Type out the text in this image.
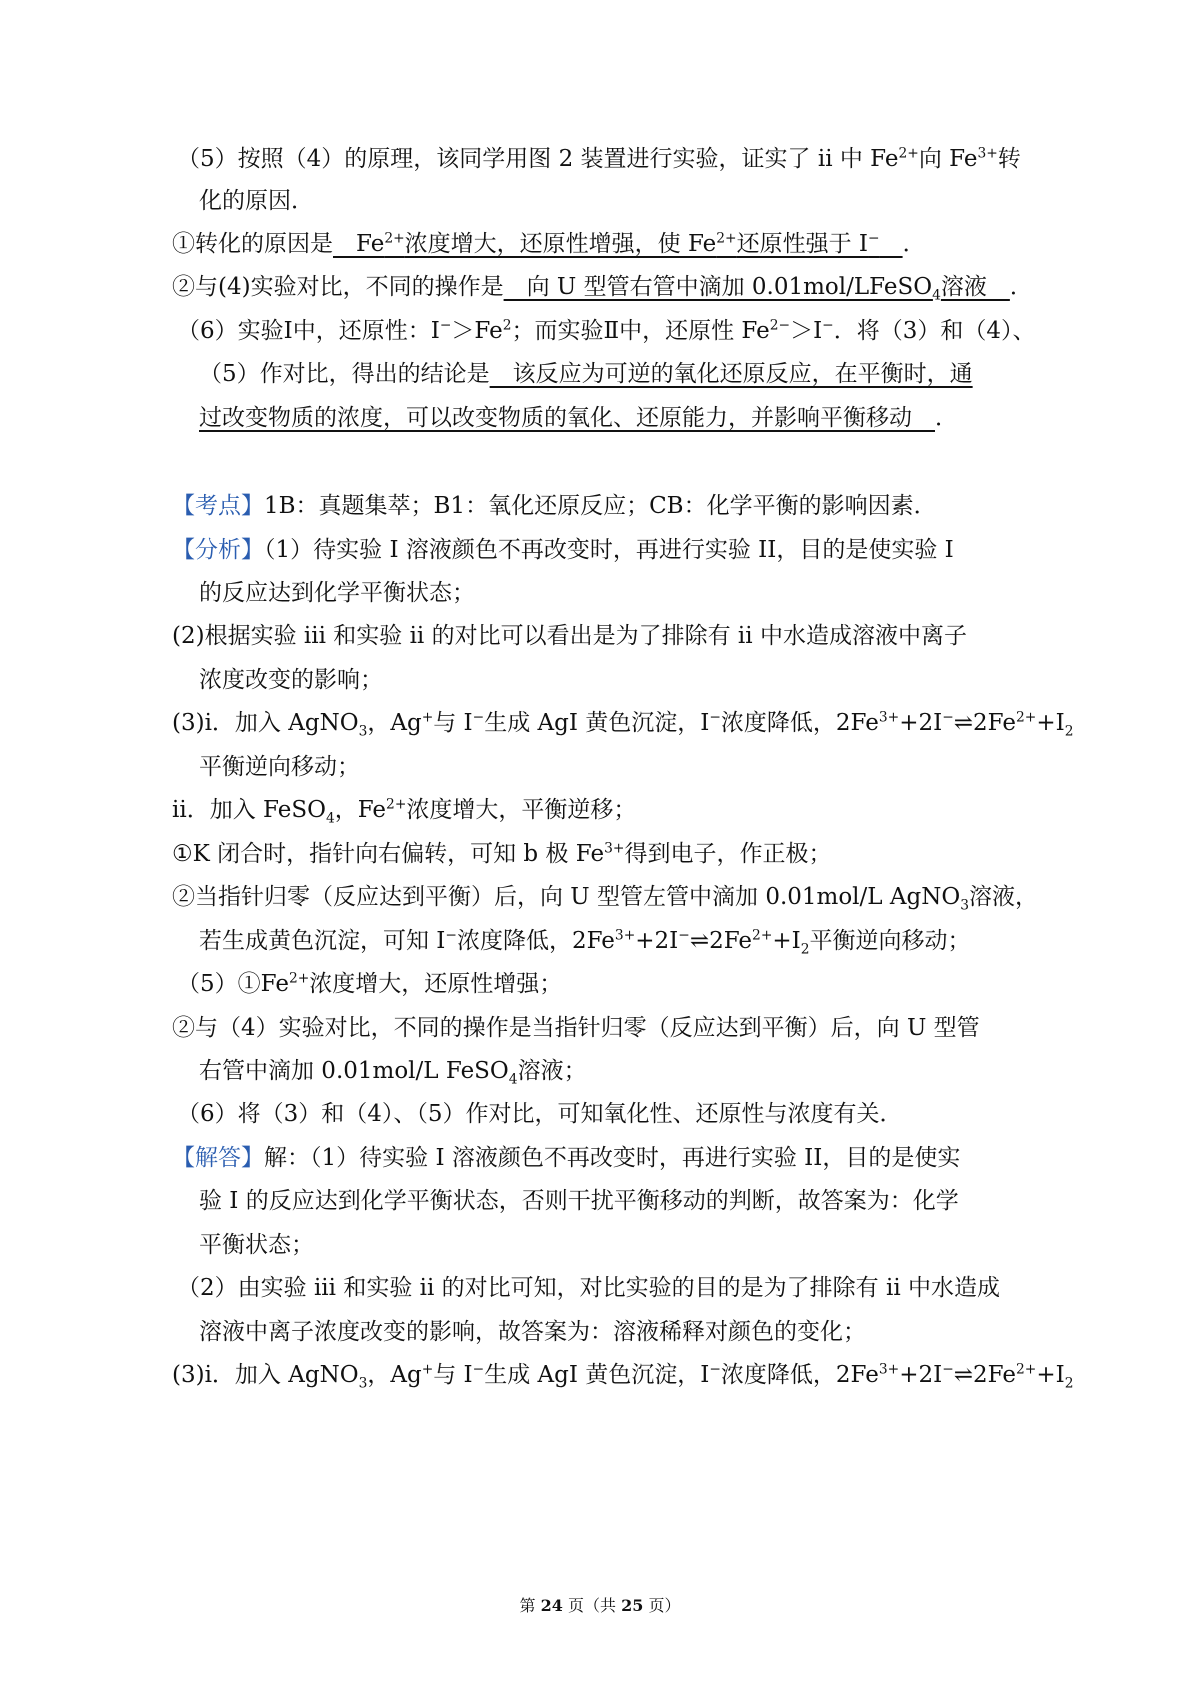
（5）按照（4）的原理，该同学用图 2 装置进行实验，证实了 ii 中 $Fe^{2+}$向 $Fe^{3+}$转
化的原因．
①转化的原因是　$Fe^{2+}$浓度增大，还原性增强，使 $Fe^{2+}$还原性强于 I−　 ．
②与(4)实验对比，不同的操作是　向 U 型管右管中滴加 0.01mol/LFeSO$_4$溶液　．
（6）实验Ⅰ中，还原性：$I^->Fe^2$；而实验Ⅱ中，还原性 $Fe^{2-}>I^-$．将（3）和（4）、
（5）作对比，得出的结论是　该反应为可逆的氧化还原反应，在平衡时，通
过改变物质的浓度，可以改变物质的氧化、还原能力，并影响平衡移动　．
【考点】1B：真题集萃；B1：氧化还原反应；CB：化学平衡的影响因素．
【分析】（1）待实验 I 溶液颜色不再改变时，再进行实验 II，目的是使实验 I
的反应达到化学平衡状态；
(2)根据实验 iii 和实验 ii 的对比可以看出是为了排除有 ii 中水造成溶液中离子
浓度改变的影响；
(3)i．加入 AgNO$_3$，Ag+与 I−生成 AgI 黄色沉淀，I−浓度降低，$2Fe^{3+}+2I^-\rightleftharpoons 2Fe^{2+}+I_2$
平衡逆向移动；
ii．加入 FeSO$_4$，$Fe^{2+}$浓度增大，平衡逆移；
①K 闭合时，指针向右偏转，可知 b 极 $Fe^{3+}$得到电子，作正极；
②当指针归零（反应达到平衡）后，向 U 型管左管中滴加 0.01mol/L AgNO$_3$溶液，
若生成黄色沉淀，可知 I−浓度降低，$2Fe^{3+}+2I^-\rightleftharpoons 2Fe^{2+}+I_2$平衡逆向移动；
$(5)①Fe^{2+}$浓度增大，还原性增强；
②与（4）实验对比，不同的操作是当指针归零（反应达到平衡）后，向 U 型管
右管中滴加 0.01mol/L FeSO$_4$溶液；
（6）将（3）和（4）、（5）作对比，可知氧化性、还原性与浓度有关．
【解答】解：（1）待实验 I 溶液颜色不再改变时，再进行实验 II，目的是使实
验 I 的反应达到化学平衡状态，否则干扰平衡移动的判断，故答案为：化学
平衡状态；
（2）由实验 iii 和实验 ii 的对比可知，对比实验的目的是为了排除有 ii 中水造成
溶液中离子浓度改变的影响，故答案为：溶液稀释对颜色的变化；
(3)i．加入 AgNO$_3$，Ag+与 I−生成 AgI 黄色沉淀，I−浓度降低，$2Fe^{3+}+2I^-\rightleftharpoons 2Fe^{2+}+I_2$
第 24 页（共 25 页）
